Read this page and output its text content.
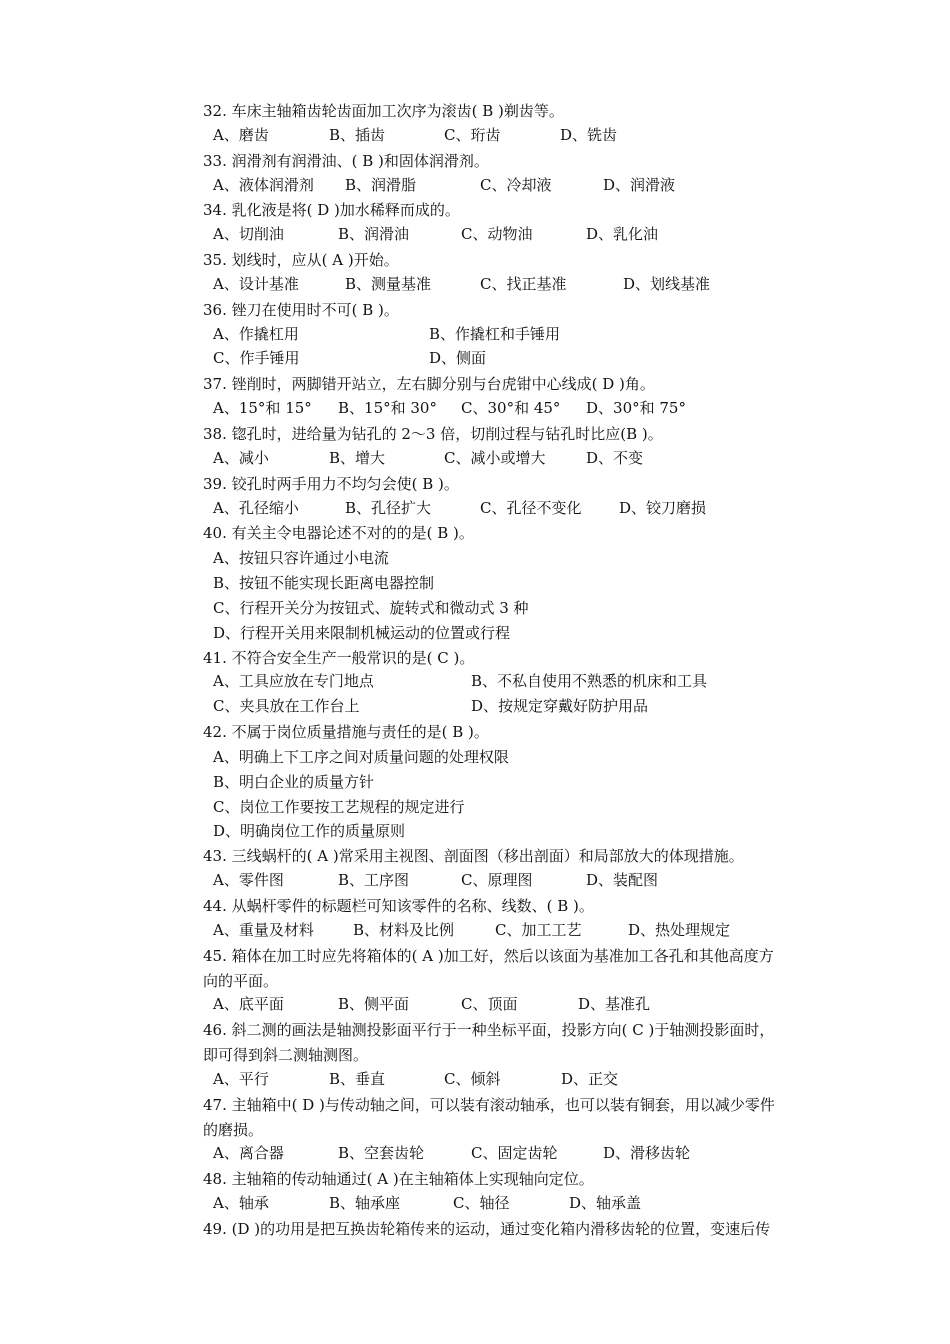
32. 车床主轴箱齿轮齿面加工次序为滚齿( B )剃齿等。
A、磨齿	B、插齿	C、珩齿	D、铣齿
33. 润滑剂有润滑油、( B )和固体润滑剂。
A、液体润滑剂 B、润滑脂	C、冷却液	D、润滑液
34. 乳化液是将( D )加水稀释而成的。
A、切削油	B、润滑油	C、动物油	D、乳化油
35. 划线时，应从( A )开始。
A、设计基准	B、测量基准	C、找正基准	D、划线基准
36. 锉刀在使用时不可( B )。
A、作撬杠用	B、作撬杠和手锤用
C、作手锤用	D、侧面
37. 锉削时，两脚错开站立，左右脚分别与台虎钳中心线成( D )角。
A、15°和 15° B、15°和 30° C、30°和 45° D、30°和 75°
38. 锪孔时，进给量为钻孔的 2～3 倍，切削过程与钻孔时比应(B )。
A、减小	B、增大	C、减小或增大	D、不变
39. 铰孔时两手用力不均匀会使( B )。
A、孔径缩小	B、孔径扩大	C、孔径不变化	D、铰刀磨损
40. 有关主令电器论述不对的的是( B )。
A、按钮只容许通过小电流
B、按钮不能实现长距离电器控制
C、行程开关分为按钮式、旋转式和微动式 3 种
D、行程开关用来限制机械运动的位置或行程
41. 不符合安全生产一般常识的是( C )。
A、工具应放在专门地点	B、不私自使用不熟悉的机床和工具
C、夹具放在工作台上	D、按规定穿戴好防护用品
42. 不属于岗位质量措施与责任的是( B )。
A、明确上下工序之间对质量问题的处理权限
B、明白企业的质量方针
C、岗位工作要按工艺规程的规定进行
D、明确岗位工作的质量原则
43. 三线蜗杆的( A )常采用主视图、剖面图（移出剖面）和局部放大的体现措施。
A、零件图	B、工序图	C、原理图	D、装配图
44. 从蜗杆零件的标题栏可知该零件的名称、线数、( B )。
A、重量及材料	B、材料及比例	C、加工工艺	D、热处理规定
45. 箱体在加工时应先将箱体的( A )加工好，然后以该面为基准加工各孔和其他高度方
向的平面。
A、底平面	B、侧平面	C、顶面	D、基准孔
46. 斜二测的画法是轴测投影面平行于一种坐标平面，投影方向( C )于轴测投影面时，
即可得到斜二测轴测图。
A、平行	B、垂直	C、倾斜	D、正交
47. 主轴箱中( D )与传动轴之间，可以装有滚动轴承，也可以装有铜套，用以减少零件
的磨损。
A、离合器	B、空套齿轮	C、固定齿轮	D、滑移齿轮
48. 主轴箱的传动轴通过( A )在主轴箱体上实现轴向定位。
A、轴承	B、轴承座	C、轴径	D、轴承盖
49. (D )的功用是把互换齿轮箱传来的运动，通过变化箱内滑移齿轮的位置，变速后传
